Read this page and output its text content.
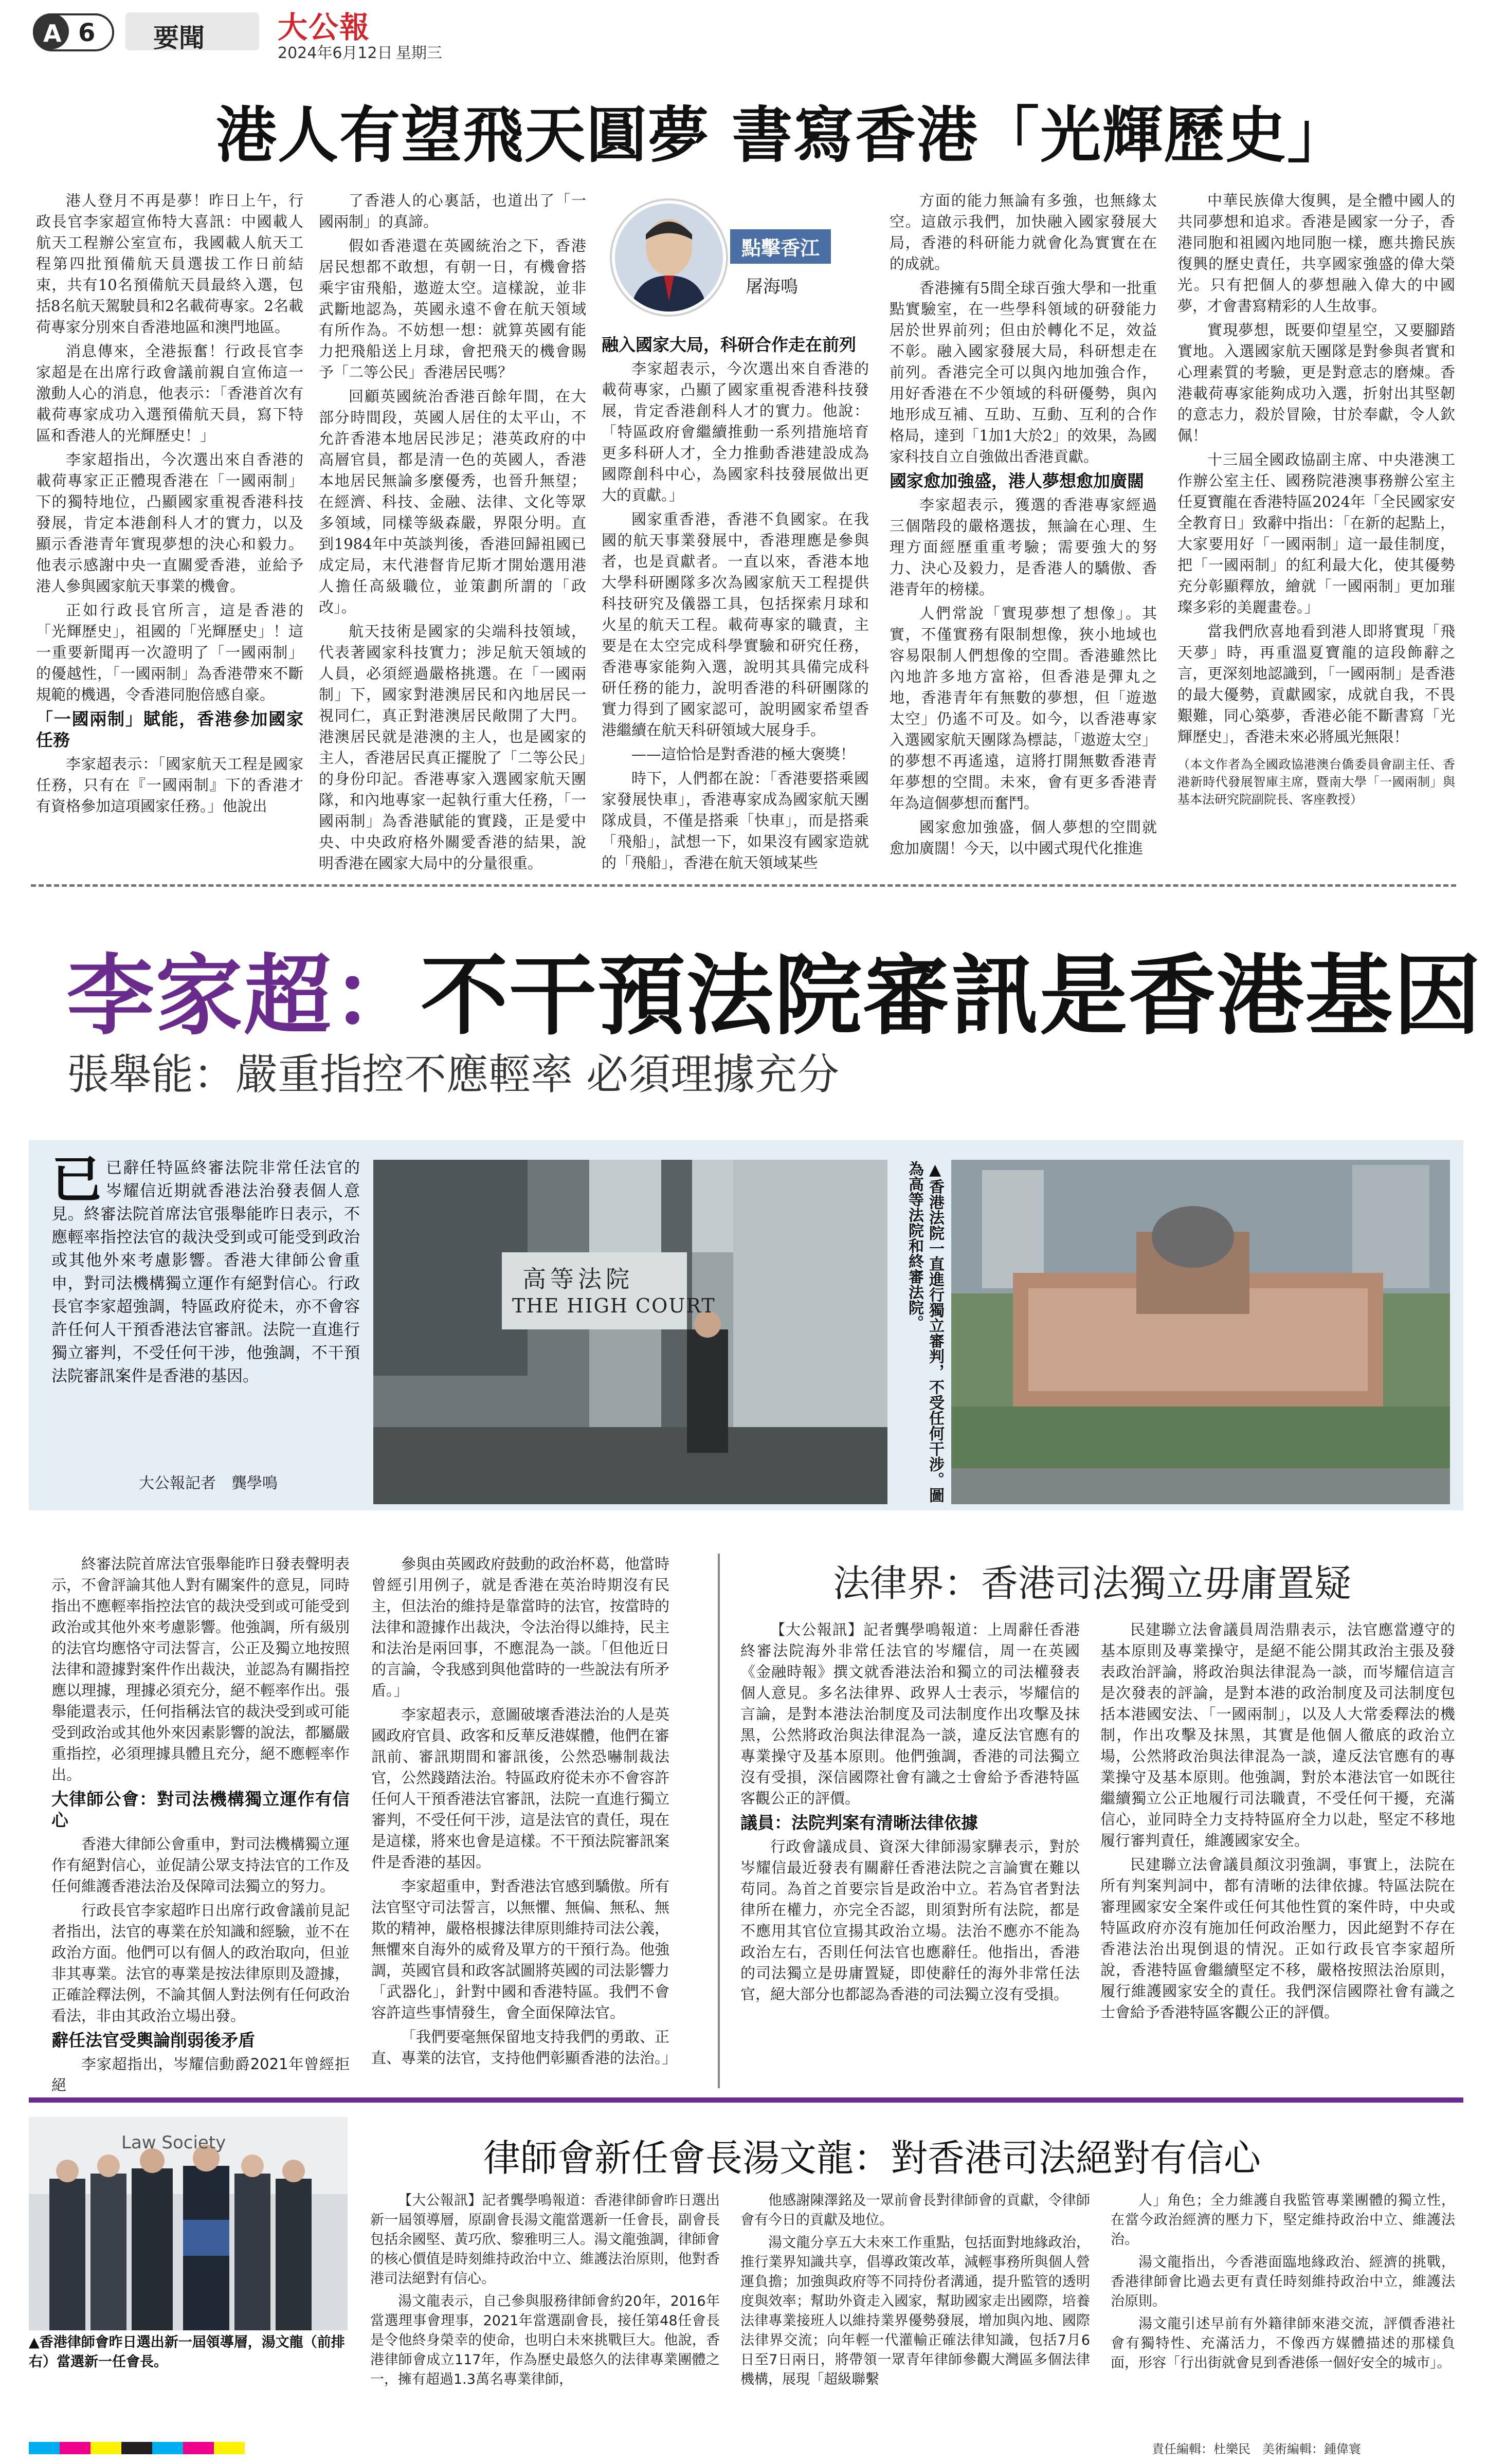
A 6 要聞 大公報
2024年6月12日 星期三
港人有望飛天圓夢 書寫香港「光輝歷史」

港人登月不再是夢！昨日上午，行政長官李家超宣佈特大喜訊：中國載人航天工程辦公室宣布，我國載人航天工程第四批預備航天員選拔工作日前結束，共有10名預備航天員最終入選，包括8名航天駕駛員和2名載荷專家。2名載荷專家分別來自香港地區和澳門地區。

消息傳來，全港振奮！行政長官李家超是在出席行政會議前親自宣佈這一激動人心的消息，他表示：「香港首次有載荷專家成功入選預備航天員，寫下特區和香港人的光輝歷史！」

李家超指出，今次選出來自香港的載荷專家正正體現香港在「一國兩制」下的獨特地位，凸顯國家重視香港科技發展，肯定本港創科人才的實力，以及顯示香港青年實現夢想的決心和毅力。他表示感謝中央一直關愛香港，並給予港人參與國家航天事業的機會。

正如行政長官所言，這是香港的「光輝歷史」，祖國的「光輝歷史」！這一重要新聞再一次證明了「一國兩制」的優越性，「一國兩制」為香港帶來不斷規範的機遇，令香港同胞倍感自豪。

「一國兩制」賦能，香港參加國家任務

李家超表示：「國家航天工程是國家任務，只有在『一國兩制』下的香港才有資格參加這項國家任務。」他說出

了香港人的心裏話，也道出了「一國兩制」的真諦。

假如香港還在英國統治之下，香港居民想都不敢想，有朝一日，有機會搭乘宇宙飛船，遨遊太空。這樣說，並非武斷地認為，英國永遠不會在航天領域有所作為。不妨想一想：就算英國有能力把飛船送上月球，會把飛天的機會賜予「二等公民」香港居民嗎？

回顧英國統治香港百餘年間，在大部分時間段，英國人居住的太平山，不允許香港本地居民涉足；港英政府的中高層官員，都是清一色的英國人，香港本地居民無論多麼優秀，也晉升無望；在經濟、科技、金融、法律、文化等眾多領域，同樣等級森嚴，界限分明。直到1984年中英談判後，香港回歸祖國已成定局，末代港督肯尼斯才開始選用港人擔任高級職位，並策劃所謂的「政改」。

航天技術是國家的尖端科技領域，代表著國家科技實力；涉足航天領域的人員，必須經過嚴格挑選。在「一國兩制」下，國家對港澳居民和內地居民一視同仁，真正對港澳居民敞開了大門。港澳居民就是港澳的主人，也是國家的主人，香港居民真正擺脫了「二等公民」的身份印記。香港專家入選國家航天團隊，和內地專家一起執行重大任務，「一國兩制」為香港賦能的實踐，正是愛中央、中央政府格外關愛香港的結果，說明香港在國家大局中的分量很重。

點擊香江
屠海鳴

融入國家大局，科研合作走在前列

李家超表示，今次選出來自香港的載荷專家，凸顯了國家重視香港科技發展，肯定香港創科人才的實力。他說：「特區政府會繼續推動一系列措施培育更多科研人才，全力推動香港建設成為國際創科中心，為國家科技發展做出更大的貢獻。」

國家重香港，香港不負國家。在我國的航天事業發展中，香港理應是參與者，也是貢獻者。一直以來，香港本地大學科研團隊多次為國家航天工程提供科技研究及儀器工具，包括探索月球和火星的航天工程。載荷專家的職責，主要是在太空完成科學實驗和研究任務，香港專家能夠入選，說明其具備完成科研任務的能力，說明香港的科研團隊的實力得到了國家認可，說明國家希望香港繼續在航天科研領域大展身手。

——這恰恰是對香港的極大褒獎！

時下，人們都在說：「香港要搭乘國家發展快車」，香港專家成為國家航天團隊成員，不僅是搭乘「快車」，而是搭乘「飛船」，試想一下，如果沒有國家造就的「飛船」，香港在航天領域某些

方面的能力無論有多強，也無緣太空。這啟示我們，加快融入國家發展大局，香港的科研能力就會化為實實在在的成就。

香港擁有5間全球百強大學和一批重點實驗室，在一些學科領域的研發能力居於世界前列；但由於轉化不足，效益不彰。融入國家發展大局，科研想走在前列。香港完全可以與內地加強合作，用好香港在不少領域的科研優勢，與內地形成互補、互助、互動、互利的合作格局，達到「1加1大於2」的效果，為國家科技自立自強做出香港貢獻。

國家愈加強盛，港人夢想愈加廣闊

李家超表示，獲選的香港專家經過三個階段的嚴格選拔，無論在心理、生理方面經歷重重考驗；需要強大的努力、決心及毅力，是香港人的驕傲、香港青年的榜樣。

人們常說「實現夢想了想像」。其實，不僅實務有限制想像，狹小地域也容易限制人們想像的空間。香港雖然比內地許多地方富裕，但香港是彈丸之地，香港青年有無數的夢想，但「遊遨太空」仍遙不可及。如今，以香港專家入選國家航天團隊為標誌，「遨遊太空」的夢想不再遙遠，這將打開無數香港青年夢想的空間。未來，會有更多香港青年為這個夢想而奮鬥。

國家愈加強盛，個人夢想的空間就愈加廣闊！今天，以中國式現代化推進

中華民族偉大復興，是全體中國人的共同夢想和追求。香港是國家一分子，香港同胞和祖國內地同胞一樣，應共擔民族復興的歷史責任，共享國家強盛的偉大榮光。只有把個人的夢想融入偉大的中國夢，才會書寫精彩的人生故事。

實現夢想，既要仰望星空，又要腳踏實地。入選國家航天團隊是對參與者實和心理素質的考驗，更是對意志的磨煉。香港載荷專家能夠成功入選，折射出其堅韌的意志力，殺於冒險，甘於奉獻，令人欽佩！

十三屆全國政協副主席、中央港澳工作辦公室主任、國務院港澳事務辦公室主任夏寶龍在香港特區2024年「全民國家安全教育日」致辭中指出：「在新的起點上，大家要用好「一國兩制」這一最佳制度，把「一國兩制」的紅利最大化，使其優勢充分彰顯釋放，繪就「一國兩制」更加璀璨多彩的美麗畫卷。」

當我們欣喜地看到港人即將實現「飛天夢」時，再重溫夏寶龍的這段飾辭之言，更深刻地認識到，「一國兩制」是香港的最大優勢，貢獻國家，成就自我，不畏艱難，同心築夢，香港必能不斷書寫「光輝歷史」，香港未來必將風光無限！

（本文作者為全國政協港澳台僑委員會副主任、香港新時代發展智庫主席，暨南大學「一國兩制」與基本法研究院副院長、客座教授）

李家超：不干預法院審訊是香港基因
張舉能：嚴重指控不應輕率 必須理據充分
已 已辭任特區終審法院非常任法官的岑耀信近期就香港法治發表個人意見。終審法院首席法官張舉能昨日表示，不應輕率指控法官的裁決受到或可能受到政治或其他外來考慮影響。香港大律師公會重申，對司法機構獨立運作有絕對信心。行政長官李家超強調，特區政府從未，亦不會容許任何人干預香港法官審訊。法院一直進行獨立審判，不受任何干涉，他強調，不干預法院審訊案件是香港的基因。
大公報記者　龔學鳴
高等法院
THE HIGH COURT	▲香港法院一直進行獨立審判，不受任何干涉。圖為高等法院和終審法院。

終審法院首席法官張舉能昨日發表聲明表示，不會評論其他人對有關案件的意見，同時指出不應輕率指控法官的裁決受到或可能受到政治或其他外來考慮影響。他強調，所有級別的法官均應恪守司法誓言，公正及獨立地按照法律和證據對案件作出裁決，並認為有關指控應以理據，理據必須充分，絕不輕率作出。張舉能還表示，任何指稱法官的裁決受到或可能受到政治或其他外來因素影響的說法，都屬嚴重指控，必須理據具體且充分，絕不應輕率作出。

大律師公會：對司法機構獨立運作有信心

香港大律師公會重申，對司法機構獨立運作有絕對信心，並促請公眾支持法官的工作及任何維護香港法治及保障司法獨立的努力。

行政長官李家超昨日出席行政會議前見記者指出，法官的專業在於知識和經驗，並不在政治方面。他們可以有個人的政治取向，但並非其專業。法官的專業是按法律原則及證據，正確詮釋法例，不論其個人對法例有任何政治看法，非由其政治立場出發。

辭任法官受輿論削弱後矛盾

李家超指出，岑耀信動爵2021年曾經拒絕

參與由英國政府鼓動的政治杯葛，他當時曾經引用例子，就是香港在英治時期沒有民主，但法治的維持是靠當時的法官，按當時的法律和證據作出裁決，令法治得以維持，民主和法治是兩回事，不應混為一談。「但他近日的言論，令我感到與他當時的一些說法有所矛盾。」

李家超表示，意圖破壞香港法治的人是英國政府官員、政客和反華反港媒體，他們在審訊前、審訊期間和審訊後，公然恐嚇制裁法官，公然踐踏法治。特區政府從未亦不會容許任何人干預香港法官審訊，法院一直進行獨立審判，不受任何干涉，這是法官的責任，現在是這樣，將來也會是這樣。不干預法院審訊案件是香港的基因。

李家超重申，對香港法官感到驕傲。所有法官堅守司法誓言，以無懼、無偏、無私、無欺的精神，嚴格根據法律原則維持司法公義，無懼來自海外的威脅及單方的干預行為。他強調，英國官員和政客試圖將英國的司法影響力「武器化」，針對中國和香港特區。我們不會容許這些事情發生，會全面保障法官。

「我們要毫無保留地支持我們的勇敢、正直、專業的法官，支持他們彰顯香港的法治。」

法律界：香港司法獨立毋庸置疑

【大公報訊】記者龔學鳴報道：上周辭任香港終審法院海外非常任法官的岑耀信，周一在英國《金融時報》撰文就香港法治和獨立的司法權發表個人意見。多名法律界、政界人士表示，岑耀信的言論，是對本港法治制度及司法制度作出攻擊及抹黑，公然將政治與法律混為一談，違反法官應有的專業操守及基本原則。他們強調，香港的司法獨立沒有受損，深信國際社會有識之士會給予香港特區客觀公正的評價。

議員：法院判案有清晰法律依據

行政會議成員、資深大律師湯家驊表示，對於岑耀信最近發表有關辭任香港法院之言論實在難以苟同。為首之首要宗旨是政治中立。若為官者對法律所在權力，亦完全否認，則須對所有法院，都是不應用其官位宣揚其政治立場。法治不應亦不能為政治左右，否則任何法官也應辭任。他指出，香港的司法獨立是毋庸置疑，即使辭任的海外非常任法官，絕大部分也都認為香港的司法獨立沒有受損。

民建聯立法會議員周浩鼎表示，法官應當遵守的基本原則及專業操守，是絕不能公開其政治主張及發表政治評論，將政治與法律混為一談，而岑耀信這言是次發表的評論，是對本港的政治制度及司法制度包括本港國安法、「一國兩制」，以及人大常委釋法的機制，作出攻擊及抹黑，其實是他個人徹底的政治立場，公然將政治與法律混為一談，違反法官應有的專業操守及基本原則。他強調，對於本港法官一如既往繼續獨立公正地履行司法職責，不受任何干擾，充滿信心，並同時全力支持特區府全力以赴，堅定不移地履行審判責任，維護國家安全。

民建聯立法會議員顏汶羽強調，事實上，法院在所有判案判詞中，都有清晰的法律依據。特區法院在審理國家安全案件或任何其他性質的案件時，中央或特區政府亦沒有施加任何政治壓力，因此絕對不存在香港法治出現倒退的情況。正如行政長官李家超所說，香港特區會繼續堅定不移，嚴格按照法治原則，履行維護國家安全的責任。我們深信國際社會有識之士會給予香港特區客觀公正的評價。

Law Society
▲香港律師會昨日選出新一屆領導層，湯文龍（前排右）當選新一任會長。
律師會新任會長湯文龍：對香港司法絕對有信心

【大公報訊】記者龔學鳴報道：香港律師會昨日選出新一屆領導層，原副會長湯文龍當選新一任會長，副會長包括余國堅、黃巧欣、黎雅明三人。湯文龍強調，律師會的核心價值是時刻維持政治中立、維護法治原則，他對香港司法絕對有信心。

湯文龍表示，自己參與服務律師會約20年，2016年當選理事會理事，2021年當選副會長，接任第48任會長是令他終身榮幸的使命，也明白未來挑戰巨大。他說，香港律師會成立117年，作為歷史最悠久的法律專業團體之一，擁有超過1.3萬名專業律師，

他感謝陳澤銘及一眾前會長對律師會的貢獻，令律師會有今日的貢獻及地位。

湯文龍分享五大未來工作重點，包括面對地緣政治，推行業界知識共享，倡導政策改革，減輕事務所與個人營運負擔；加強與政府等不同持份者溝通，提升監管的透明度與效率；幫助外資走入國家，幫助國家走出國際，培養法律專業接班人以維持業界優勢發展，增加與內地、國際法律界交流；向年輕一代灌輸正確法律知識，包括7月6日至7日兩日，將帶領一眾青年律師參觀大灣區多個法律機構，展現「超級聯繫

人」角色；全力維護自我監管專業團體的獨立性，在當今政治經濟的壓力下，堅定維持政治中立、維護法治。

湯文龍指出，今香港面臨地緣政治、經濟的挑戰，香港律師會比過去更有責任時刻維持政治中立，維護法治原則。

湯文龍引述早前有外籍律師來港交流，評價香港社會有獨特性、充滿活力，不像西方媒體描述的那樣負面，形容「行出街就會見到香港係一個好安全的城市」。

責任編輯：杜樂民 美術編輯：鍾偉寰
